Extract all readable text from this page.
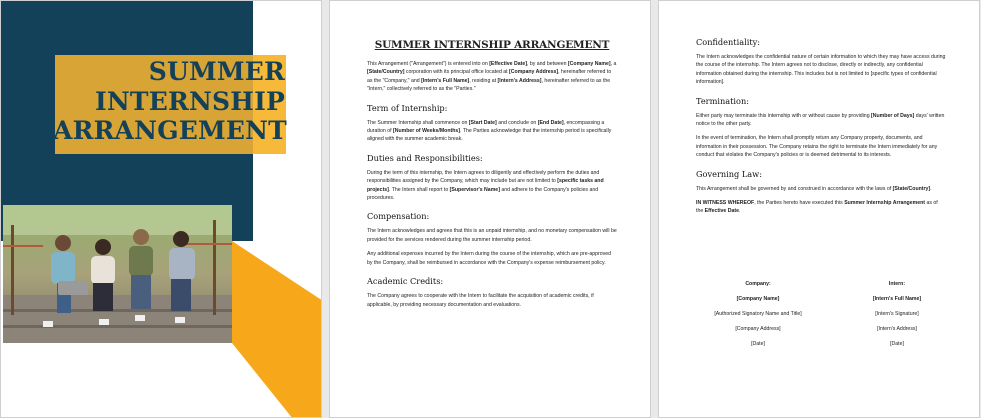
SUMMER
INTERNSHIP
ARRANGEMENT
SUMMER INTERNSHIP ARRANGEMENT

This Arrangement ("Arrangement") is entered into on [Effective Date], by and between [Company Name], a [State/Country] corporation with its principal office located at [Company Address], hereinafter referred to as the "Company," and [Intern's Full Name], residing at [Intern's Address], hereinafter referred to as the "Intern," collectively referred to as the "Parties."

Term of Internship:

The Summer Internship shall commence on [Start Date] and conclude on [End Date], encompassing a duration of [Number of Weeks/Months]. The Parties acknowledge that the internship period is specifically aligned with the summer academic break.

Duties and Responsibilities:

During the term of this internship, the Intern agrees to diligently and effectively perform the duties and responsibilities assigned by the Company, which may include but are not limited to [specific tasks and projects]. The Intern shall report to [Supervisor's Name] and adhere to the Company's policies and procedures.

Compensation:

The Intern acknowledges and agrees that this is an unpaid internship, and no monetary compensation will be provided for the services rendered during the summer internship period.

Any additional expenses incurred by the Intern during the course of the internship, which are pre-approved by the Company, shall be reimbursed in accordance with the Company's expense reimbursement policy.

Academic Credits:

The Company agrees to cooperate with the Intern to facilitate the acquisition of academic credits, if applicable, by providing necessary documentation and evaluations.

Confidentiality:

The Intern acknowledges the confidential nature of certain information to which they may have access during the course of the internship. The Intern agrees not to disclose, directly or indirectly, any confidential information obtained during the internship. This includes but is not limited to [specific types of confidential information].

Termination:

Either party may terminate this internship with or without cause by providing [Number of Days] days' written notice to the other party.

In the event of termination, the Intern shall promptly return any Company property, documents, and information in their possession. The Company retains the right to terminate the Intern immediately for any conduct that violates the Company's policies or is deemed detrimental to its interests.

Governing Law:

This Arrangement shall be governed by and construed in accordance with the laws of [State/Country].

IN WITNESS WHEREOF, the Parties hereto have executed this Summer Internship Arrangement as of the Effective Date.

Company:
[Company Name]
[Authorized Signatory Name and Title]
[Company Address]
[Date]
Intern:
[Intern's Full Name]
[Intern's Signature]
[Intern's Address]
[Date]
